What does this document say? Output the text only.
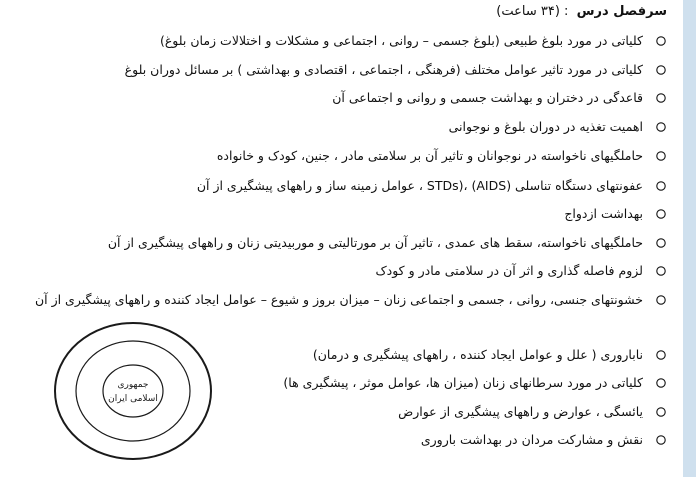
سرفصل درس : (۳۴ ساعت)
کلیاتی در مورد بلوغ طبیعی (بلوغ جسمی – روانی ، اجتماعی و مشکلات و اختلالات زمان بلوغ)
کلیاتی در مورد تاثیر عوامل مختلف (فرهنگی ، اجتماعی ، اقتصادی و بهداشتی ) بر مسائل دوران بلوغ
قاعدگی در دختران و بهداشت جسمی و روانی و اجتماعی آن
اهمیت تغذیه در دوران بلوغ و نوجوانی
حاملگیهای ناخواسته در نوجوانان و تاثیر آن بر سلامتی مادر ، جنین، کودک و خانواده
عفونتهای دستگاه تناسلی (AIDS) ،(STDs ، عوامل زمینه ساز و راههای پیشگیری از آن
بهداشت ازدواج
حاملگیهای ناخواسته، سقط های عمدی ، تاثیر آن بر مورتالیتی و موربیدیتی زنان و راههای پیشگیری از آن
لزوم فاصله گذاری و اثر آن در سلامتی مادر و کودک
خشونتهای جنسی، روانی ، جسمی و اجتماعی زنان – میزان بروز و شیوع – عوامل ایجاد کننده و راههای پیشگیری از آن
ناباروری ( علل و عوامل ایجاد کننده ، راههای پیشگیری و درمان)
کلیاتی در مورد سرطانهای زنان (میزان ها، عوامل موثر ، پیشگیری ها)
یائسگی ، عوارض و راههای پیشگیری از عوارض
نقش و مشارکت مردان در بهداشت باروری
جمهوری
اسلامی ایران
